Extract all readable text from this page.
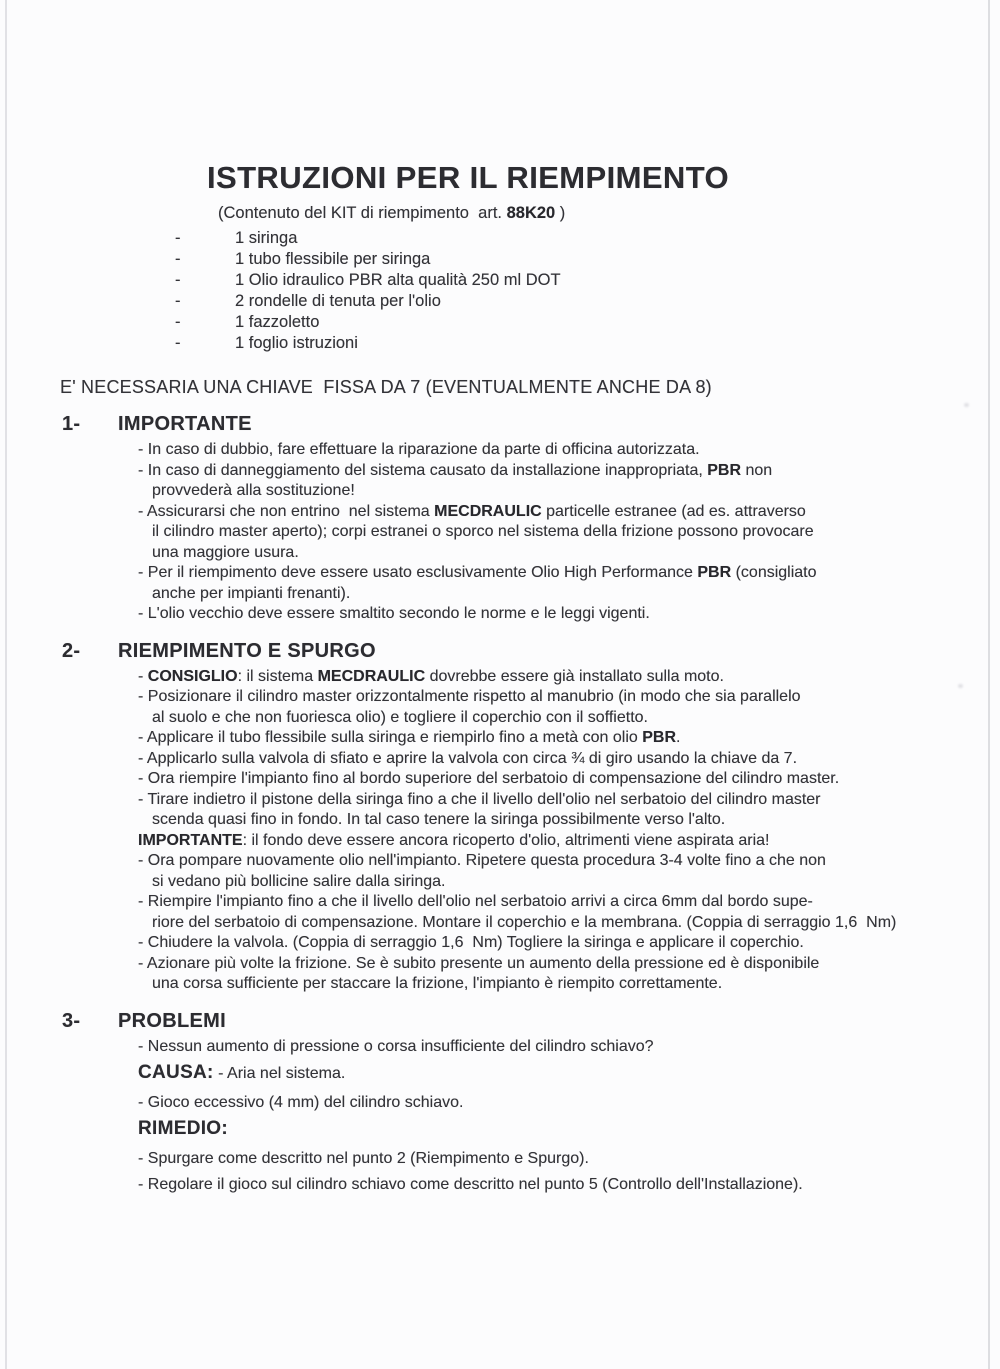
ISTRUZIONI PER IL RIEMPIMENTO
(Contenuto del KIT di riempimento  art. 88K20 )
-	1 siringa
-	1 tubo flessibile per siringa
-	1 Olio idraulico PBR alta qualità 250 ml DOT
-	2 rondelle di tenuta per l'olio
-	1 fazzoletto
-	1 foglio istruzioni
E' NECESSARIA UNA CHIAVE  FISSA DA 7 (EVENTUALMENTE ANCHE DA 8)
1-	IMPORTANTE
- In caso di dubbio, fare effettuare la riparazione da parte di officina autorizzata.
- In caso di danneggiamento del sistema causato da installazione inappropriata, PBR non
provvederà alla sostituzione!
- Assicurarsi che non entrino  nel sistema MECDRAULIC particelle estranee (ad es. attraverso
il cilindro master aperto); corpi estranei o sporco nel sistema della frizione possono provocare
una maggiore usura.
- Per il riempimento deve essere usato esclusivamente Olio High Performance PBR (consigliato
anche per impianti frenanti).
- L'olio vecchio deve essere smaltito secondo le norme e le leggi vigenti.
2-	RIEMPIMENTO E SPURGO
- CONSIGLIO: il sistema MECDRAULIC dovrebbe essere già installato sulla moto.
- Posizionare il cilindro master orizzontalmente rispetto al manubrio (in modo che sia parallelo
al suolo e che non fuoriesca olio) e togliere il coperchio con il soffietto.
- Applicare il tubo flessibile sulla siringa e riempirlo fino a metà con olio PBR.
- Applicarlo sulla valvola di sfiato e aprire la valvola con circa ¾ di giro usando la chiave da 7.
- Ora riempire l'impianto fino al bordo superiore del serbatoio di compensazione del cilindro master.
- Tirare indietro il pistone della siringa fino a che il livello dell'olio nel serbatoio del cilindro master
scenda quasi fino in fondo. In tal caso tenere la siringa possibilmente verso l'alto.
IMPORTANTE: il fondo deve essere ancora ricoperto d'olio, altrimenti viene aspirata aria!
- Ora pompare nuovamente olio nell'impianto. Ripetere questa procedura 3-4 volte fino a che non
si vedano più bollicine salire dalla siringa.
- Riempire l'impianto fino a che il livello dell'olio nel serbatoio arrivi a circa 6mm dal bordo supe-
riore del serbatoio di compensazione. Montare il coperchio e la membrana. (Coppia di serraggio 1,6  Nm)
- Chiudere la valvola. (Coppia di serraggio 1,6  Nm) Togliere la siringa e applicare il coperchio.
- Azionare più volte la frizione. Se è subito presente un aumento della pressione ed è disponibile
una corsa sufficiente per staccare la frizione, l'impianto è riempito correttamente.
3-	PROBLEMI
- Nessun aumento di pressione o corsa insufficiente del cilindro schiavo?
CAUSA: - Aria nel sistema.
- Gioco eccessivo (4 mm) del cilindro schiavo.
RIMEDIO:
- Spurgare come descritto nel punto 2 (Riempimento e Spurgo).
- Regolare il gioco sul cilindro schiavo come descritto nel punto 5 (Controllo dell'Installazione).
